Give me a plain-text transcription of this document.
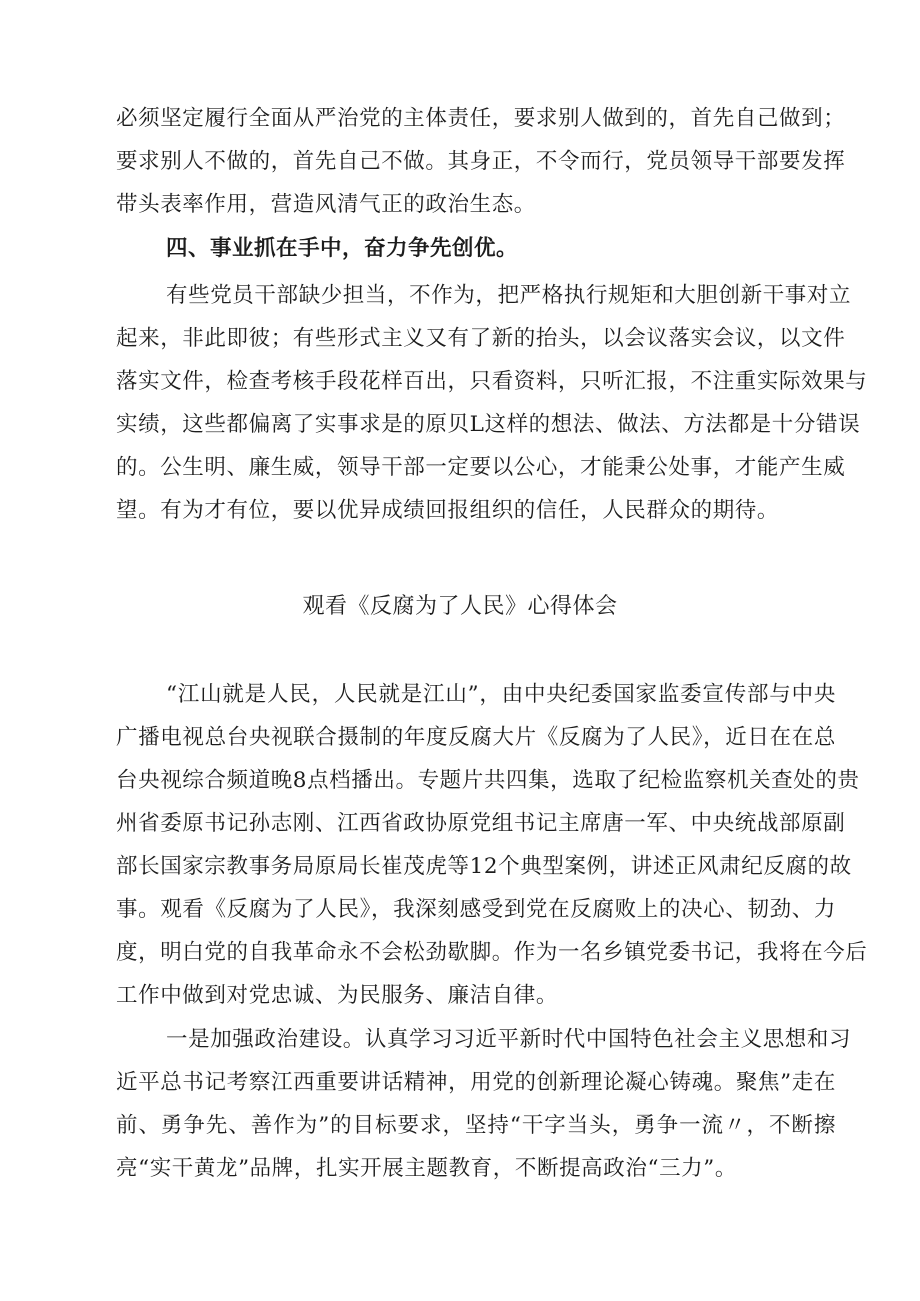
必须坚定履行全面从严治党的主体责任，要求别人做到的，首先自己做到；
要求别人不做的，首先自己不做。其身正，不令而行，党员领导干部要发挥
带头表率作用，营造风清气正的政治生态。
四、事业抓在手中，奋力争先创优。
有些党员干部缺少担当，不作为，把严格执行规矩和大胆创新干事对立
起来，非此即彼；有些形式主义又有了新的抬头，以会议落实会议，以文件
落实文件，检查考核手段花样百出，只看资料，只听汇报，不注重实际效果与
实绩，这些都偏离了实事求是的原贝L这样的想法、做法、方法都是十分错误
的。公生明、廉生威，领导干部一定要以公心，才能秉公处事，才能产生威
望。有为才有位，要以优异成绩回报组织的信任，人民群众的期待。
观看《反腐为了人民》心得体会
“江山就是人民，人民就是江山”，由中央纪委国家监委宣传部与中央
广播电视总台央视联合摄制的年度反腐大片《反腐为了人民》，近日在在总
台央视综合频道晚8点档播出。专题片共四集，选取了纪检监察机关查处的贵
州省委原书记孙志刚、江西省政协原党组书记主席唐一军、中央统战部原副
部长国家宗教事务局原局长崔茂虎等12个典型案例，讲述正风肃纪反腐的故
事。观看《反腐为了人民》，我深刻感受到党在反腐败上的决心、韧劲、力
度，明白党的自我革命永不会松劲歇脚。作为一名乡镇党委书记，我将在今后
工作中做到对党忠诚、为民服务、廉洁自律。
一是加强政治建设。认真学习习近平新时代中国特色社会主义思想和习
近平总书记考察江西重要讲话精神，用党的创新理论凝心铸魂。聚焦”走在
前、勇争先、善作为”的目标要求，坚持“干字当头，勇争一流〃，不断擦
亮“实干黄龙”品牌，扎实开展主题教育，不断提高政治“三力”。
